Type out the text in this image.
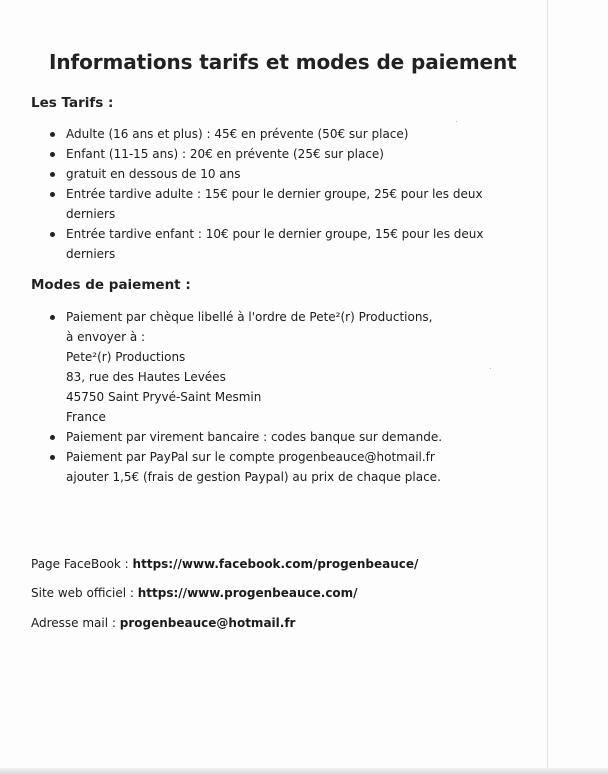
Informations tarifs et modes de paiement
Les Tarifs :
Adulte (16 ans et plus) : 45€ en prévente (50€ sur place)
Enfant (11-15 ans) : 20€ en prévente (25€ sur place)
gratuit en dessous de 10 ans
Entrée tardive adulte : 15€ pour le dernier groupe, 25€ pour les deux
derniers
Entrée tardive enfant : 10€ pour le dernier groupe, 15€ pour les deux
derniers
Modes de paiement :
Paiement par chèque libellé à l'ordre de Pete²(r) Productions,
à envoyer à :
Pete²(r) Productions
83, rue des Hautes Levées
45750 Saint Pryvé-Saint Mesmin
France
Paiement par virement bancaire : codes banque sur demande.
Paiement par PayPal sur le compte progenbeauce@hotmail.fr
ajouter 1,5€ (frais de gestion Paypal) au prix de chaque place.
Page FaceBook : https://www.facebook.com/progenbeauce/
Site web officiel : https://www.progenbeauce.com/
Adresse mail : progenbeauce@hotmail.fr
